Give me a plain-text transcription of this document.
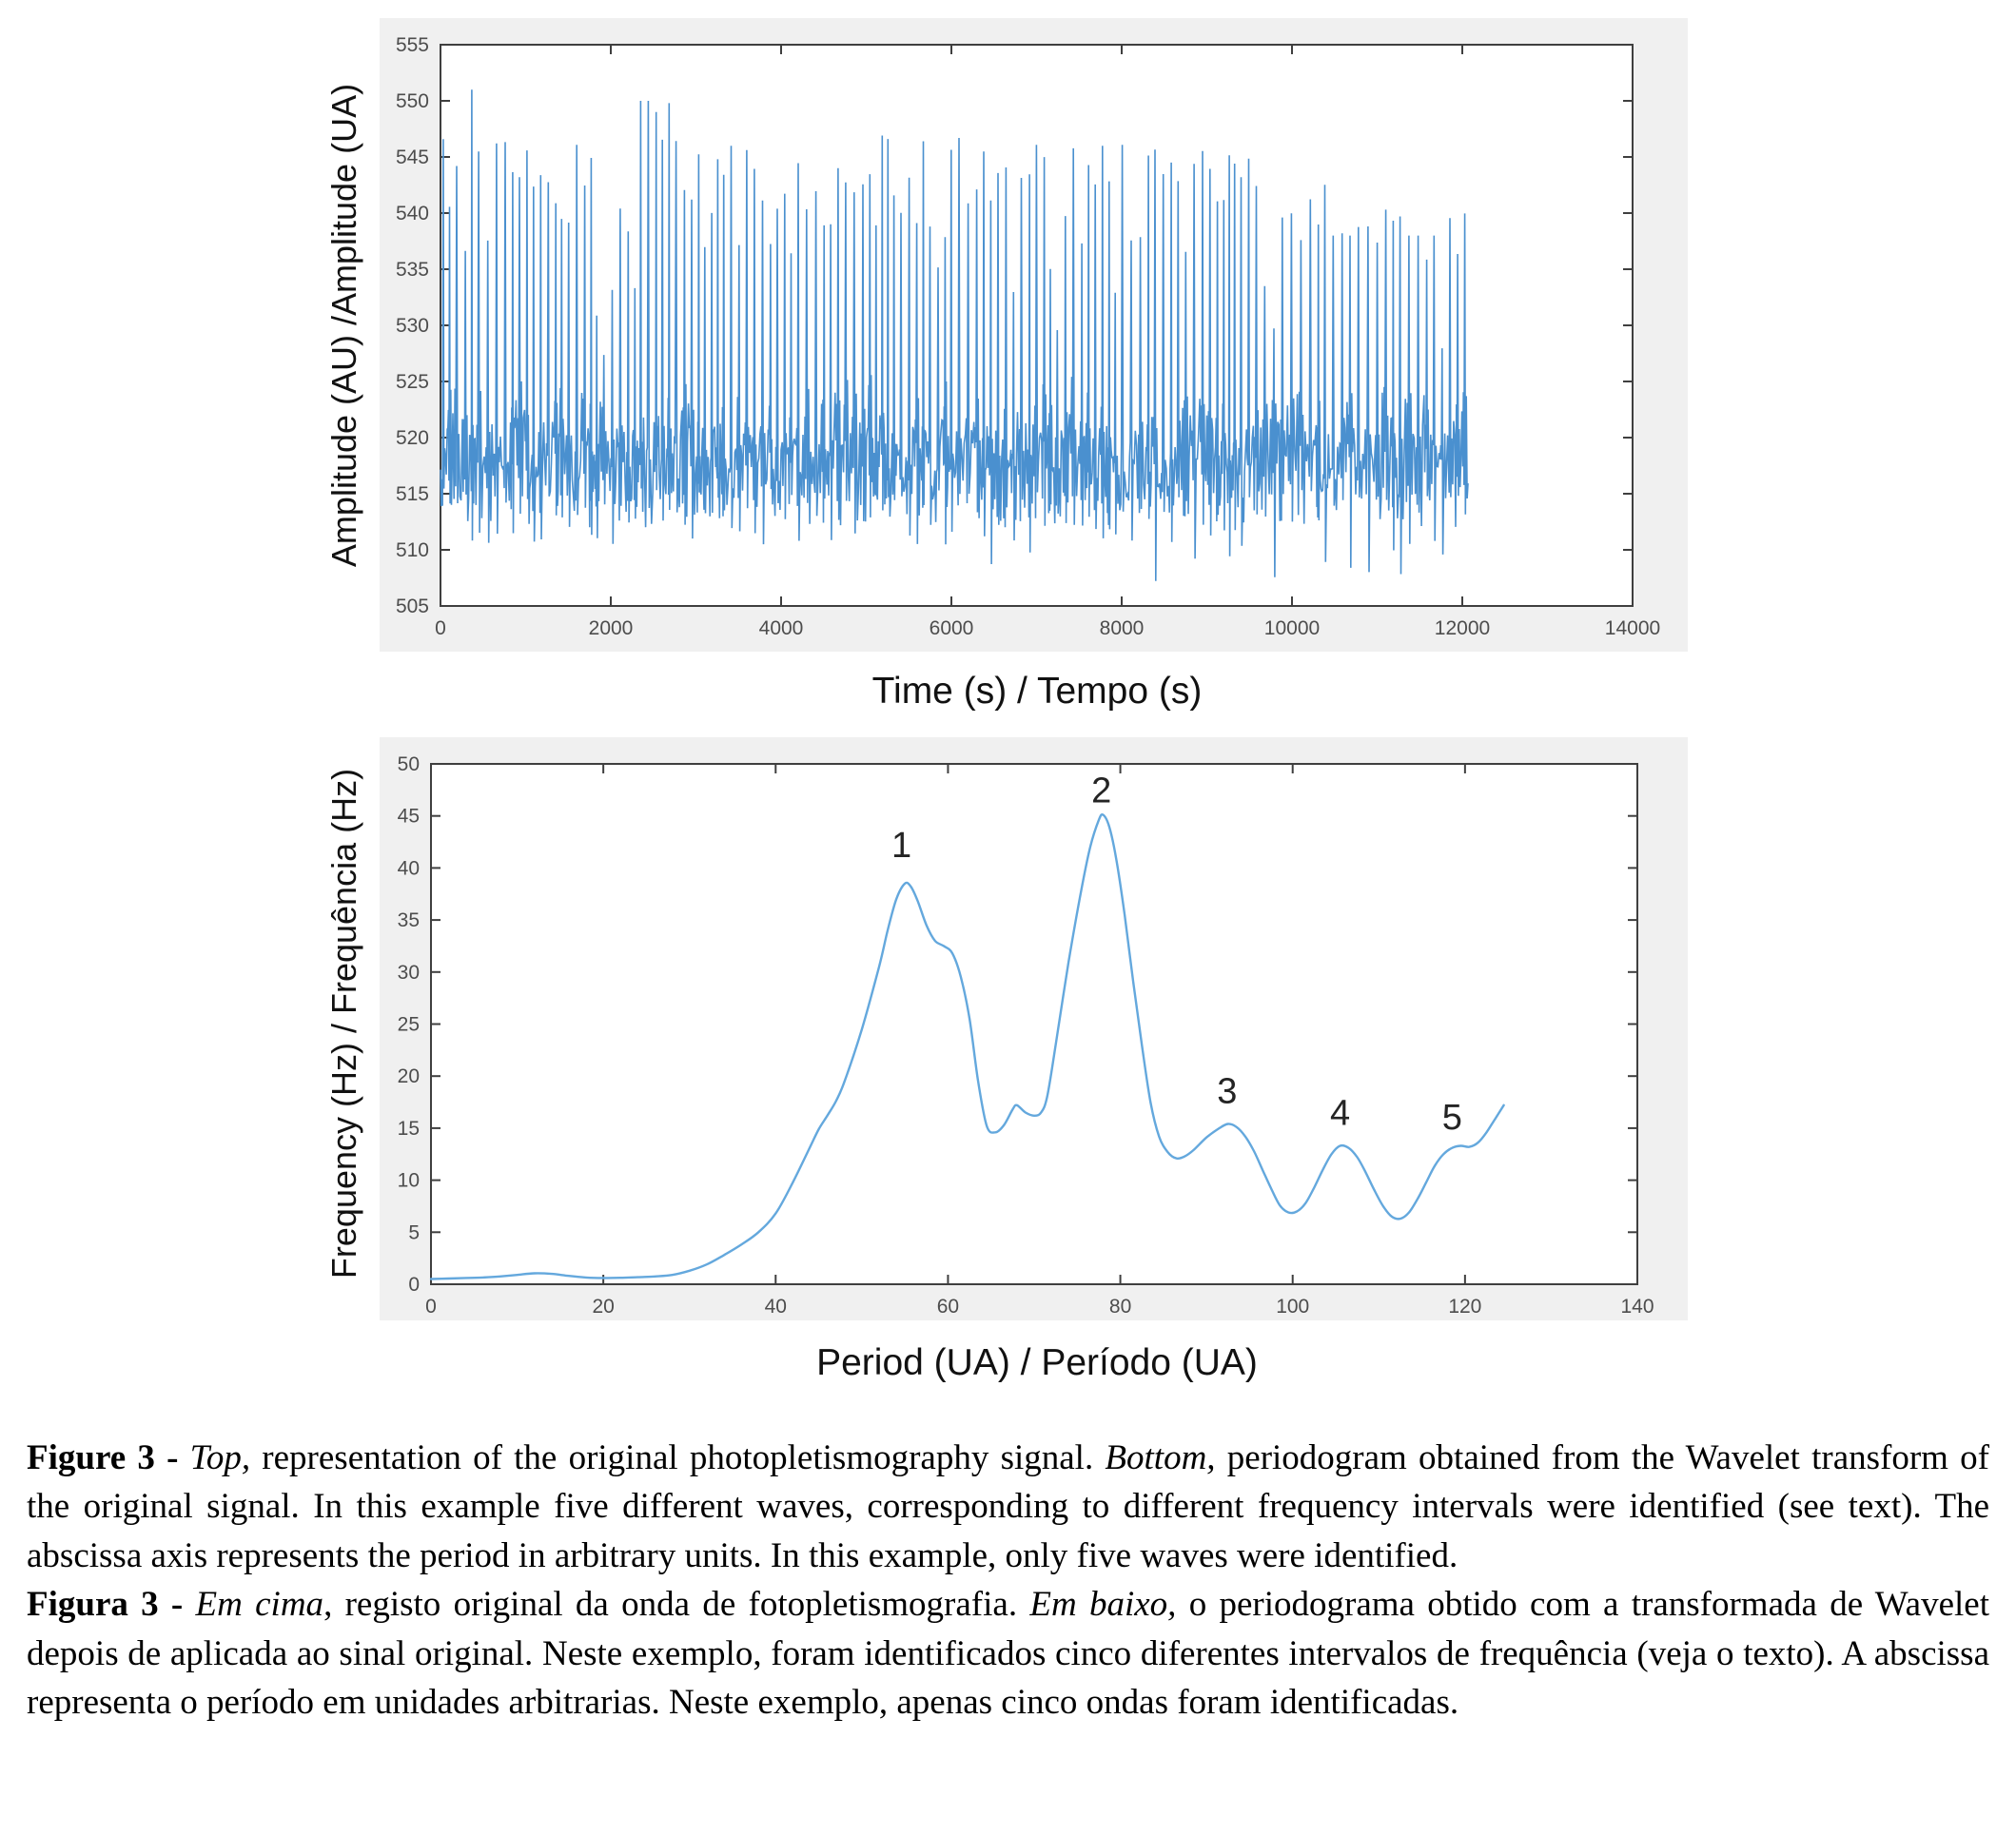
0	2000	4000	6000	8000	10000	12000	14000
505
510
515
520
525
530
535
540
545
550
555
Amplitude (AU) /Amplitude (UA)
Time (s) / Tempo (s)
0	20	40	60	80	100	120	140
0
5
10
15
20
25
30
35
40
45
50
1
2
3
4	5
Frequency (Hz) / Frequência (Hz)
Period (UA) / Período (UA)

Figure 3 - Top, representation of the original photopletismography signal. Bottom, periodogram obtained from the Wavelet transform of the original signal. In this example five different waves, corresponding to different frequency intervals were identified (see text). The abscissa axis represents the period in arbitrary units. In this example, only five waves were identified.

Figura 3 - Em cima, registo original da onda de fotopletismografia. Em baixo, o periodograma obtido com a transformada de Wavelet depois de aplicada ao sinal original. Neste exemplo, foram identificados cinco diferentes intervalos de frequência (veja o texto). A abscissa representa o período em unidades arbitrarias. Neste exemplo, apenas cinco ondas foram identificadas.
